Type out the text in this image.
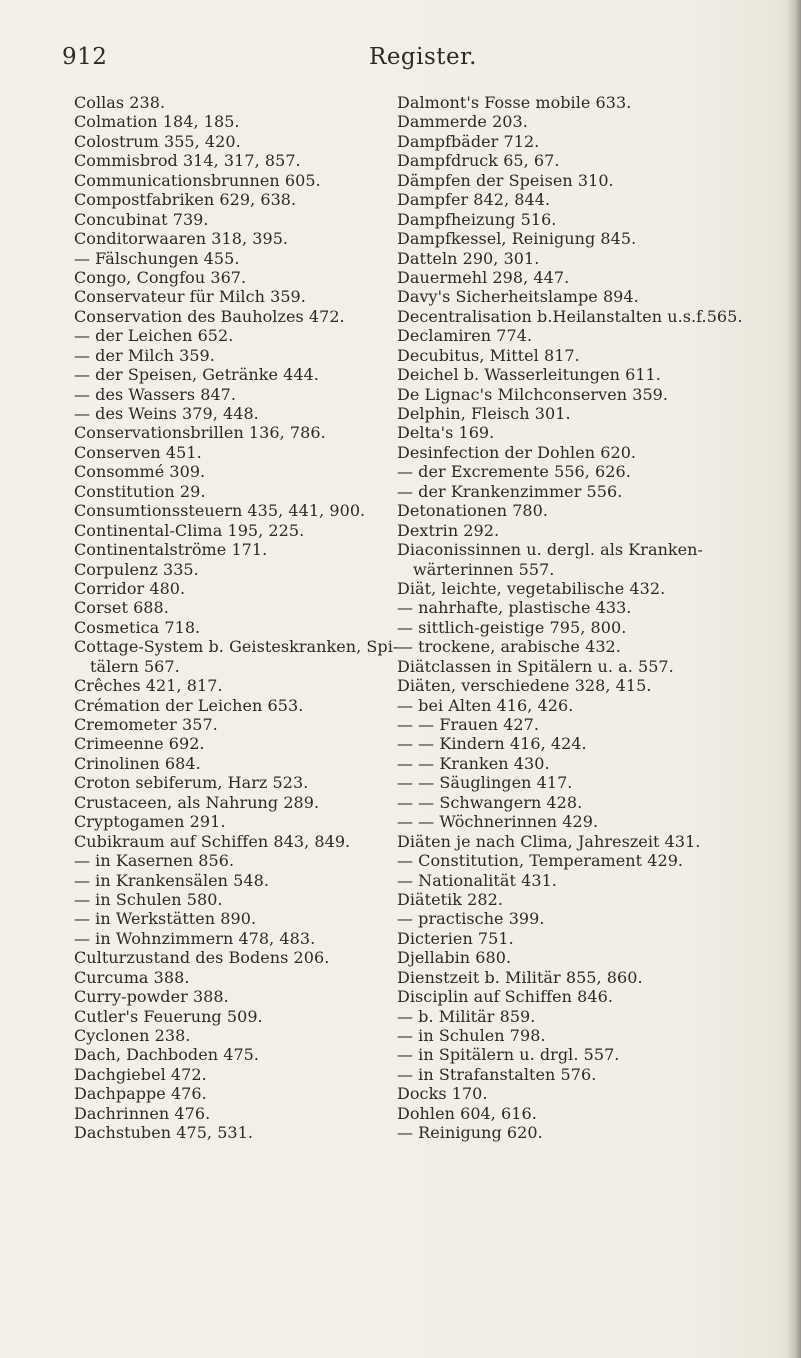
912	Register.
Collas 238.
Colmation 184, 185.
Colostrum 355, 420.
Commisbrod 314, 317, 857.
Communicationsbrunnen 605.
Compostfabriken 629, 638.
Concubinat 739.
Conditorwaaren 318, 395.
— Fälschungen 455.
Congo, Congfou 367.
Conservateur für Milch 359.
Conservation des Bauholzes 472.
— der Leichen 652.
— der Milch 359.
— der Speisen, Getränke 444.
— des Wassers 847.
— des Weins 379, 448.
Conservationsbrillen 136, 786.
Conserven 451.
Consommé 309.
Constitution 29.
Consumtionssteuern 435, 441, 900.
Continental-Clima 195, 225.
Continentalströme 171.
Corpulenz 335.
Corridor 480.
Corset 688.
Cosmetica 718.
Cottage-System b. Geisteskranken, Spi-
tälern 567.
Crêches 421, 817.
Crémation der Leichen 653.
Cremometer 357.
Crimeenne 692.
Crinolinen 684.
Croton sebiferum, Harz 523.
Crustaceen, als Nahrung 289.
Cryptogamen 291.
Cubikraum auf Schiffen 843, 849.
— in Kasernen 856.
— in Krankensälen 548.
— in Schulen 580.
— in Werkstätten 890.
— in Wohnzimmern 478, 483.
Culturzustand des Bodens 206.
Curcuma 388.
Curry-powder 388.
Cutler's Feuerung 509.
Cyclonen 238.
Dach, Dachboden 475.
Dachgiebel 472.
Dachpappe 476.
Dachrinnen 476.
Dachstuben 475, 531.
Dalmont's Fosse mobile 633.
Dammerde 203.
Dampfbäder 712.
Dampfdruck 65, 67.
Dämpfen der Speisen 310.
Dampfer 842, 844.
Dampfheizung 516.
Dampfkessel, Reinigung 845.
Datteln 290, 301.
Dauermehl 298, 447.
Davy's Sicherheitslampe 894.
Decentralisation b.Heilanstalten u.s.f.565.
Declamiren 774.
Decubitus, Mittel 817.
Deichel b. Wasserleitungen 611.
De Lignac's Milchconserven 359.
Delphin, Fleisch 301.
Delta's 169.
Desinfection der Dohlen 620.
— der Excremente 556, 626.
— der Krankenzimmer 556.
Detonationen 780.
Dextrin 292.
Diaconissinnen u. dergl. als Kranken-
wärterinnen 557.
Diät, leichte, vegetabilische 432.
— nahrhafte, plastische 433.
— sittlich-geistige 795, 800.
— trockene, arabische 432.
Diätclassen in Spitälern u. a. 557.
Diäten, verschiedene 328, 415.
— bei Alten 416, 426.
— — Frauen 427.
— — Kindern 416, 424.
— — Kranken 430.
— — Säuglingen 417.
— — Schwangern 428.
— — Wöchnerinnen 429.
Diäten je nach Clima, Jahreszeit 431.
— Constitution, Temperament 429.
— Nationalität 431.
Diätetik 282.
— practische 399.
Dicterien 751.
Djellabin 680.
Dienstzeit b. Militär 855, 860.
Disciplin auf Schiffen 846.
— b. Militär 859.
— in Schulen 798.
— in Spitälern u. drgl. 557.
— in Strafanstalten 576.
Docks 170.
Dohlen 604, 616.
— Reinigung 620.
